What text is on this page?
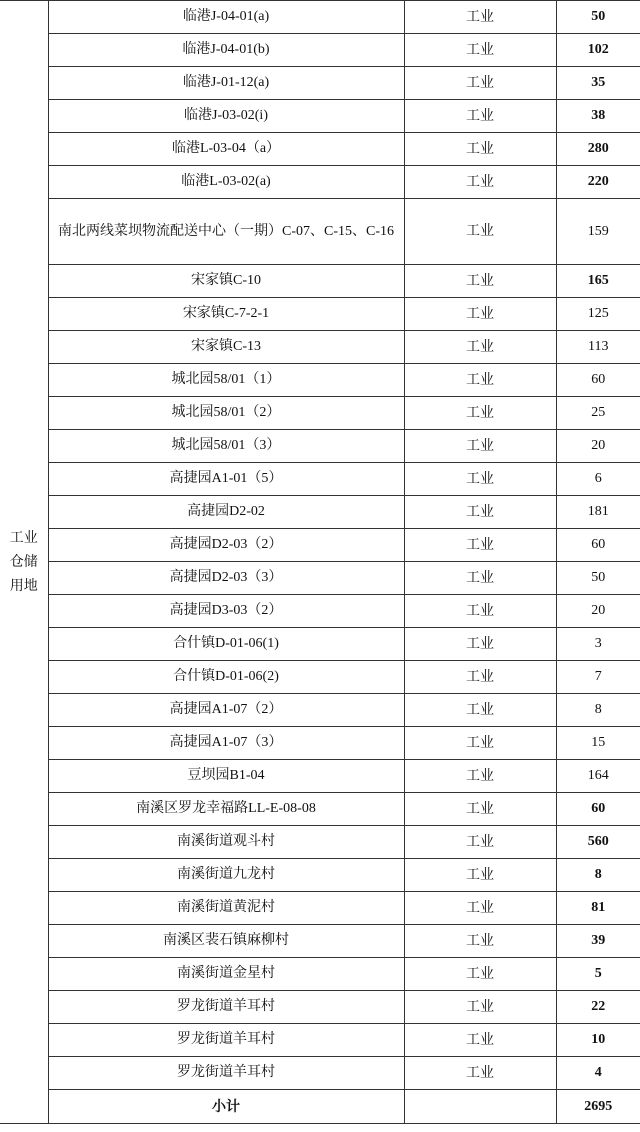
工业
仓储
用地	临港J-04-01(a)	工业	50
	临港J-04-01(b)	工业	102
	临港J-01-12(a)	工业	35
	临港J-03-02(i)	工业	38
	临港L-03-04（a）	工业	280
	临港L-03-02(a)	工业	220
	南北两线菜坝物流配送中心（一期）C-07、C-15、C-16	工业	159
	宋家镇C-10	工业	165
	宋家镇C-7-2-1	工业	125
	宋家镇C-13	工业	113
	城北园58/01（1）	工业	60
	城北园58/01（2）	工业	25
	城北园58/01（3）	工业	20
	高捷园A1-01（5）	工业	6
	高捷园D2-02	工业	181
	高捷园D2-03（2）	工业	60
	高捷园D2-03（3）	工业	50
	高捷园D3-03（2）	工业	20
	合什镇D-01-06(1)	工业	3
	合什镇D-01-06(2)	工业	7
	高捷园A1-07（2）	工业	8
	高捷园A1-07（3）	工业	15
	豆坝园B1-04	工业	164
	南溪区罗龙幸福路LL-E-08-08	工业	60
	南溪街道观斗村	工业	560
	南溪街道九龙村	工业	8
	南溪街道黄泥村	工业	81
	南溪区裴石镇麻柳村	工业	39
	南溪街道金星村	工业	5
	罗龙街道羊耳村	工业	22
	罗龙街道羊耳村	工业	10
	罗龙街道羊耳村	工业	4
	小计		2695
